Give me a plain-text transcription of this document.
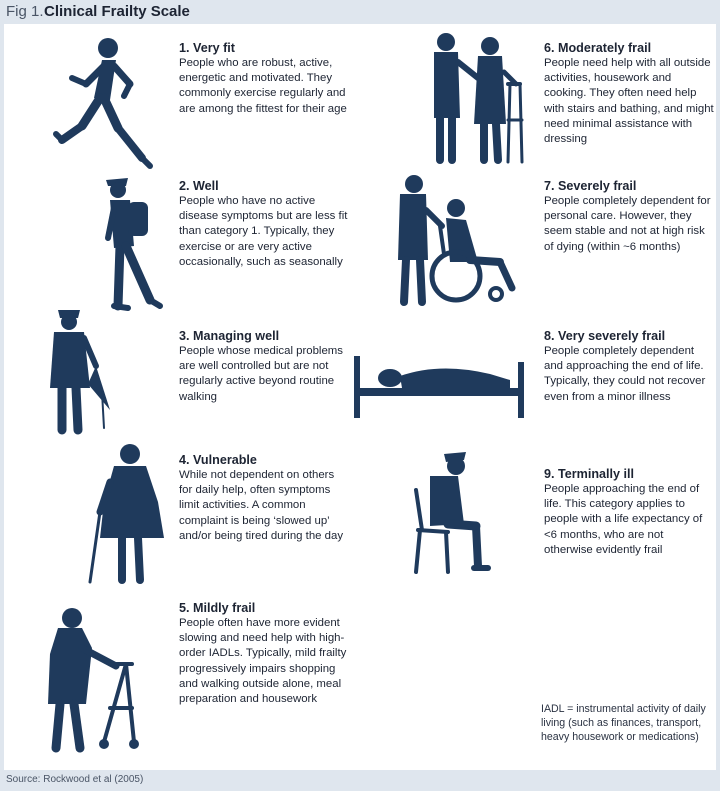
Fig 1. Clinical Frailty Scale
1. Very fit
People who are robust, active, energetic and motivated. They commonly exercise regularly and are among the fittest for their age
2. Well
People who have no active disease symptoms but are less fit than category 1. Typically, they exercise or are very active occasionally, such as seasonally
3. Managing well
People whose medical problems are well controlled but are not regularly active beyond routine walking
4. Vulnerable
While not dependent on others for daily help, often symptoms limit activities. A common complaint is being ‘slowed up’ and/or being tired during the day
5. Mildly frail
People often have more evident slowing and need help with high-order IADLs. Typically, mild frailty progressively impairs shopping and walking outside alone, meal preparation and housework
6. Moderately frail
People need help with all outside activities, housework and cooking. They often need help with stairs and bathing, and might need minimal assistance with dressing
7. Severely frail
People completely dependent for personal care. However, they seem stable and not at high risk of dying (within ~6 months)
8. Very severely frail
People completely dependent and approaching the end of life. Typically, they could not recover even from a minor illness
9. Terminally ill
People approaching the end of life. This category applies to people with a life expectancy of <6 months, who are not otherwise evidently frail
IADL = instrumental activity of daily living (such as finances, transport, heavy housework or medications)
Source: Rockwood et al (2005)
